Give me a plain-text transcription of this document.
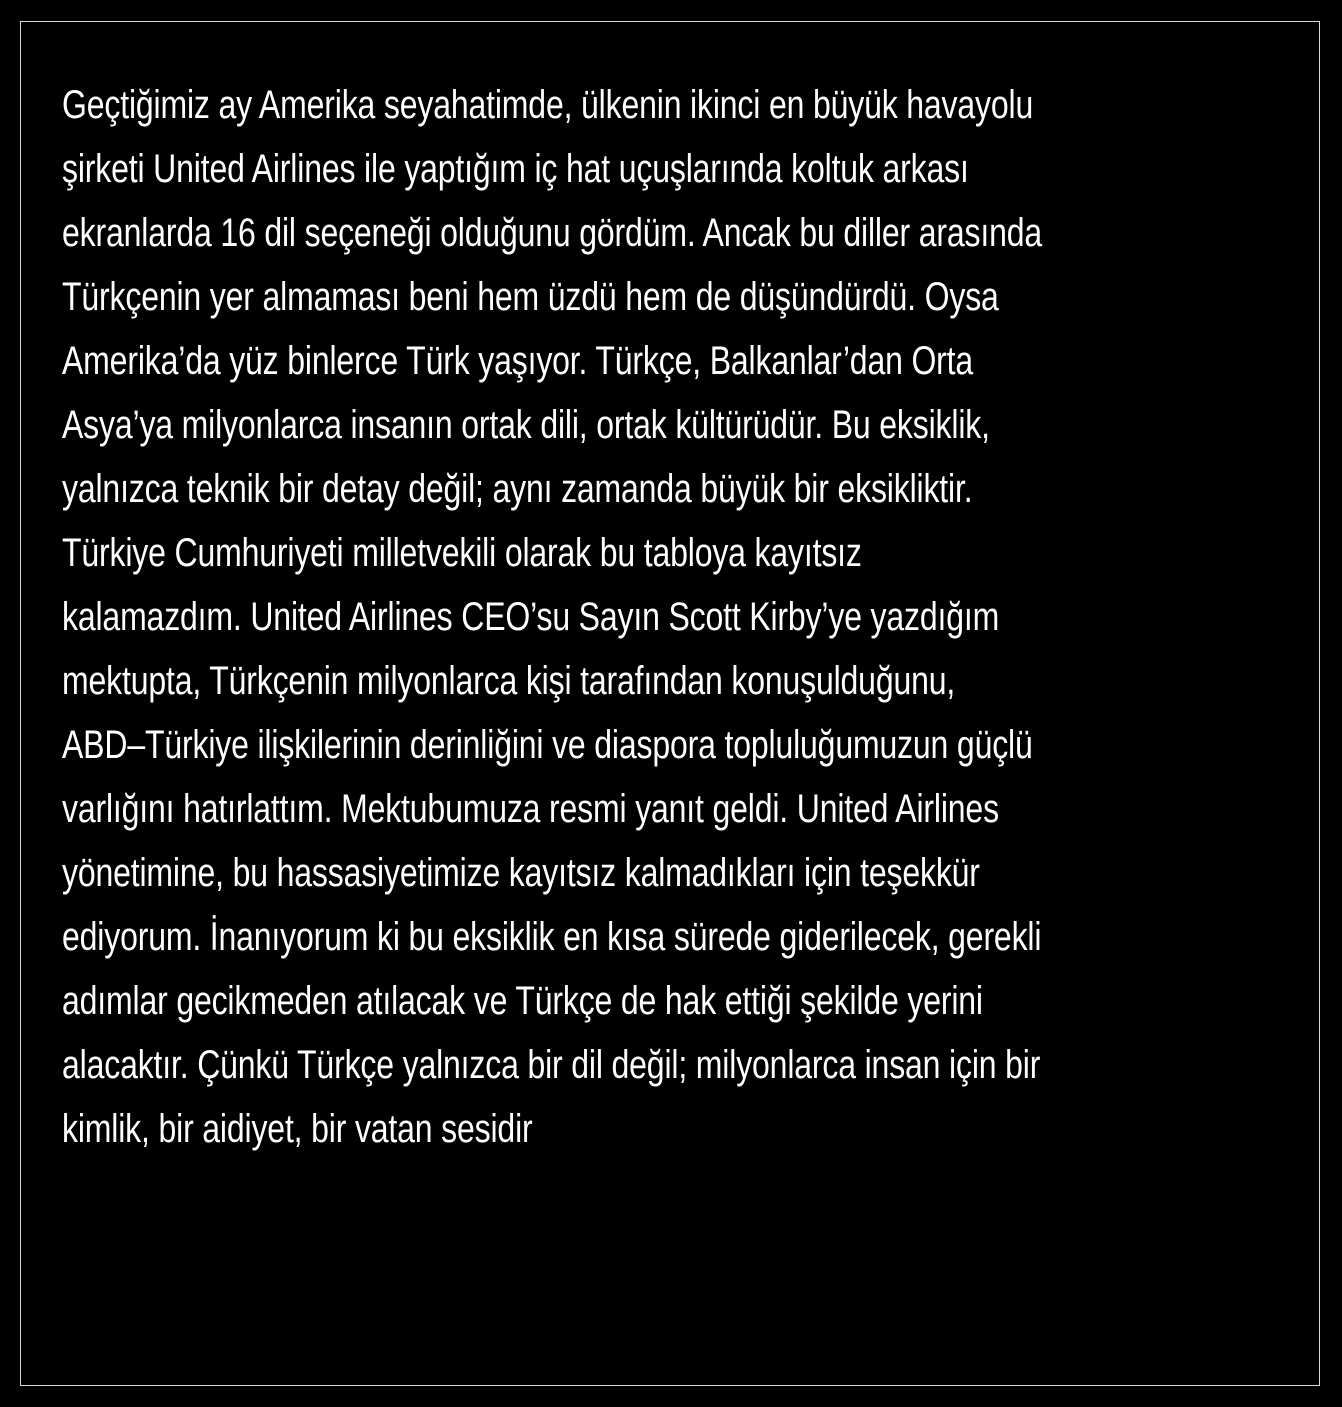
Geçtiğimiz ay Amerika seyahatimde, ülkenin ikinci en büyük havayolu
şirketi United Airlines ile yaptığım iç hat uçuşlarında koltuk arkası
ekranlarda 16 dil seçeneği olduğunu gördüm. Ancak bu diller arasında
Türkçenin yer almaması beni hem üzdü hem de düşündürdü. Oysa
Amerika’da yüz binlerce Türk yaşıyor. Türkçe, Balkanlar’dan Orta
Asya’ya milyonlarca insanın ortak dili, ortak kültürüdür. Bu eksiklik,
yalnızca teknik bir detay değil; aynı zamanda büyük bir eksikliktir.
Türkiye Cumhuriyeti milletvekili olarak bu tabloya kayıtsız
kalamazdım. United Airlines CEO’su Sayın Scott Kirby’ye yazdığım
mektupta, Türkçenin milyonlarca kişi tarafından konuşulduğunu,
ABD–Türkiye ilişkilerinin derinliğini ve diaspora topluluğumuzun güçlü
varlığını hatırlattım. Mektubumuza resmi yanıt geldi. United Airlines
yönetimine, bu hassasiyetimize kayıtsız kalmadıkları için teşekkür
ediyorum. İnanıyorum ki bu eksiklik en kısa sürede giderilecek, gerekli
adımlar gecikmeden atılacak ve Türkçe de hak ettiği şekilde yerini
alacaktır. Çünkü Türkçe yalnızca bir dil değil; milyonlarca insan için bir
kimlik, bir aidiyet, bir vatan sesidir
